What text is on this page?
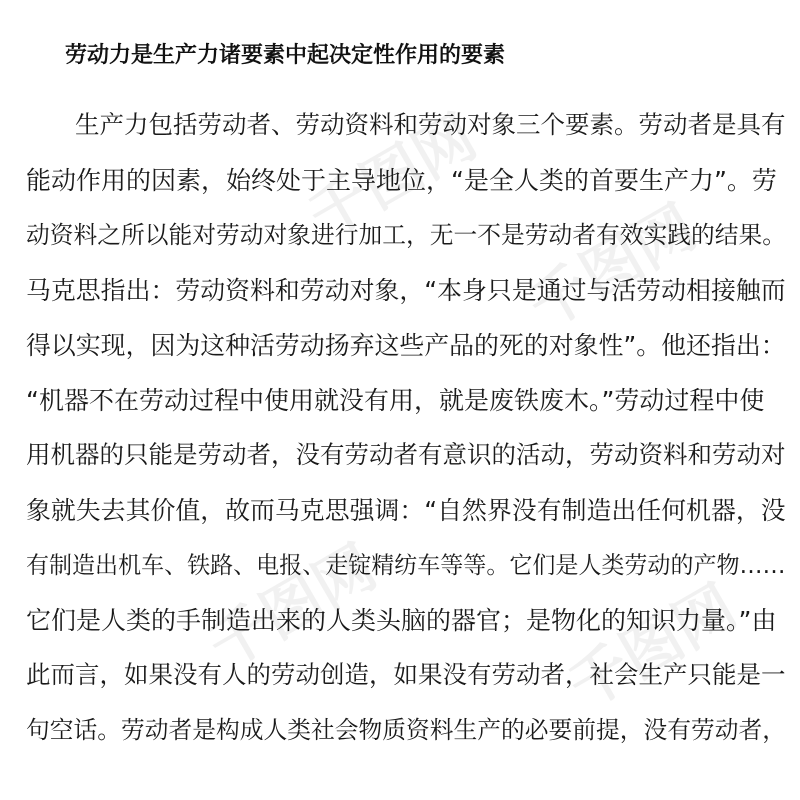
劳动力是生产力诸要素中起决定性作用的要素
　　生产力包括劳动者、劳动资料和劳动对象三个要素。劳动者是具有
能动作用的因素，始终处于主导地位，“是全人类的首要生产力”。劳
动资料之所以能对劳动对象进行加工，无一不是劳动者有效实践的结果。
马克思指出：劳动资料和劳动对象，“本身只是通过与活劳动相接触而
得以实现，因为这种活劳动扬弃这些产品的死的对象性”。他还指出：
“机器不在劳动过程中使用就没有用，就是废铁废木。”劳动过程中使
用机器的只能是劳动者，没有劳动者有意识的活动，劳动资料和劳动对
象就失去其价值，故而马克思强调：“自然界没有制造出任何机器，没
有制造出机车、铁路、电报、走锭精纺车等等。它们是人类劳动的产物……
它们是人类的手制造出来的人类头脑的器官；是物化的知识力量。”由
此而言，如果没有人的劳动创造，如果没有劳动者，社会生产只能是一
句空话。劳动者是构成人类社会物质资料生产的必要前提，没有劳动者，
千图网
千图网
千图网	千图网
